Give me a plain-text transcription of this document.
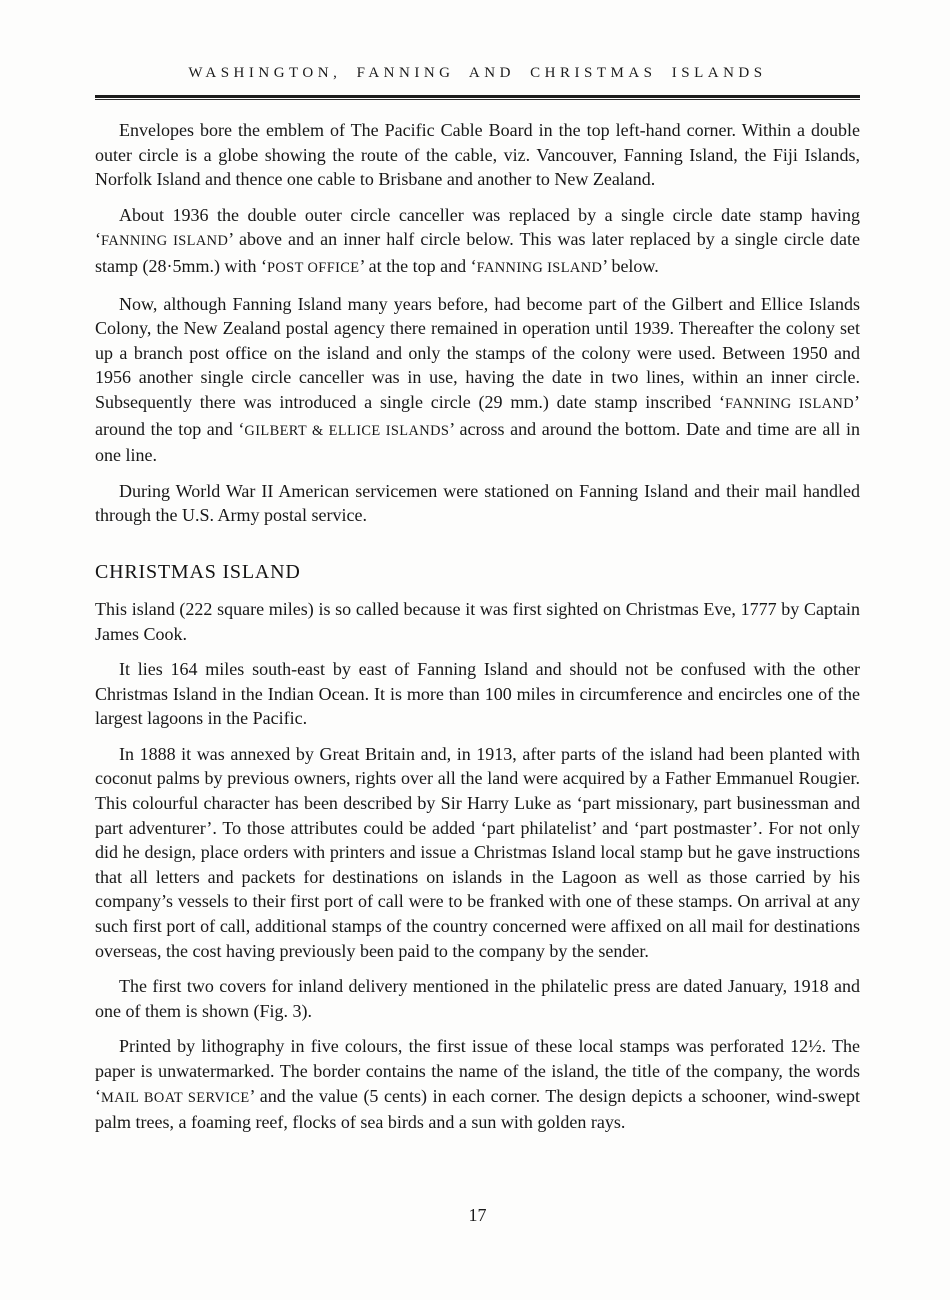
WASHINGTON, FANNING AND CHRISTMAS ISLANDS

Envelopes bore the emblem of The Pacific Cable Board in the top left-hand corner. Within a double outer circle is a globe showing the route of the cable, viz. Vancouver, Fanning Island, the Fiji Islands, Norfolk Island and thence one cable to Brisbane and another to New Zealand.

About 1936 the double outer circle canceller was replaced by a single circle date stamp having ‘FANNING ISLAND’ above and an inner half circle below. This was later replaced by a single circle date stamp (28·5mm.) with ‘POST OFFICE’ at the top and ‘FANNING ISLAND’ below.

Now, although Fanning Island many years before, had become part of the Gilbert and Ellice Islands Colony, the New Zealand postal agency there remained in operation until 1939. Thereafter the colony set up a branch post office on the island and only the stamps of the colony were used. Between 1950 and 1956 another single circle canceller was in use, having the date in two lines, within an inner circle. Subsequently there was introduced a single circle (29 mm.) date stamp inscribed ‘FANNING ISLAND’ around the top and ‘GILBERT & ELLICE ISLANDS’ across and around the bottom. Date and time are all in one line.

During World War II American servicemen were stationed on Fanning Island and their mail handled through the U.S. Army postal service.

CHRISTMAS ISLAND

This island (222 square miles) is so called because it was first sighted on Christmas Eve, 1777 by Captain James Cook.

It lies 164 miles south-east by east of Fanning Island and should not be confused with the other Christmas Island in the Indian Ocean. It is more than 100 miles in circumference and encircles one of the largest lagoons in the Pacific.

In 1888 it was annexed by Great Britain and, in 1913, after parts of the island had been planted with coconut palms by previous owners, rights over all the land were acquired by a Father Emmanuel Rougier. This colourful character has been described by Sir Harry Luke as ‘part missionary, part businessman and part adventurer’. To those attributes could be added ‘part philatelist’ and ‘part postmaster’. For not only did he design, place orders with printers and issue a Christmas Island local stamp but he gave instructions that all letters and packets for destinations on islands in the Lagoon as well as those carried by his company’s vessels to their first port of call were to be franked with one of these stamps. On arrival at any such first port of call, additional stamps of the country concerned were affixed on all mail for destinations overseas, the cost having previously been paid to the company by the sender.

The first two covers for inland delivery mentioned in the philatelic press are dated January, 1918 and one of them is shown (Fig. 3).

Printed by lithography in five colours, the first issue of these local stamps was perforated 12½. The paper is unwatermarked. The border contains the name of the island, the title of the company, the words ‘MAIL BOAT SERVICE’ and the value (5 cents) in each corner. The design depicts a schooner, wind-swept palm trees, a foaming reef, flocks of sea birds and a sun with golden rays.

17
